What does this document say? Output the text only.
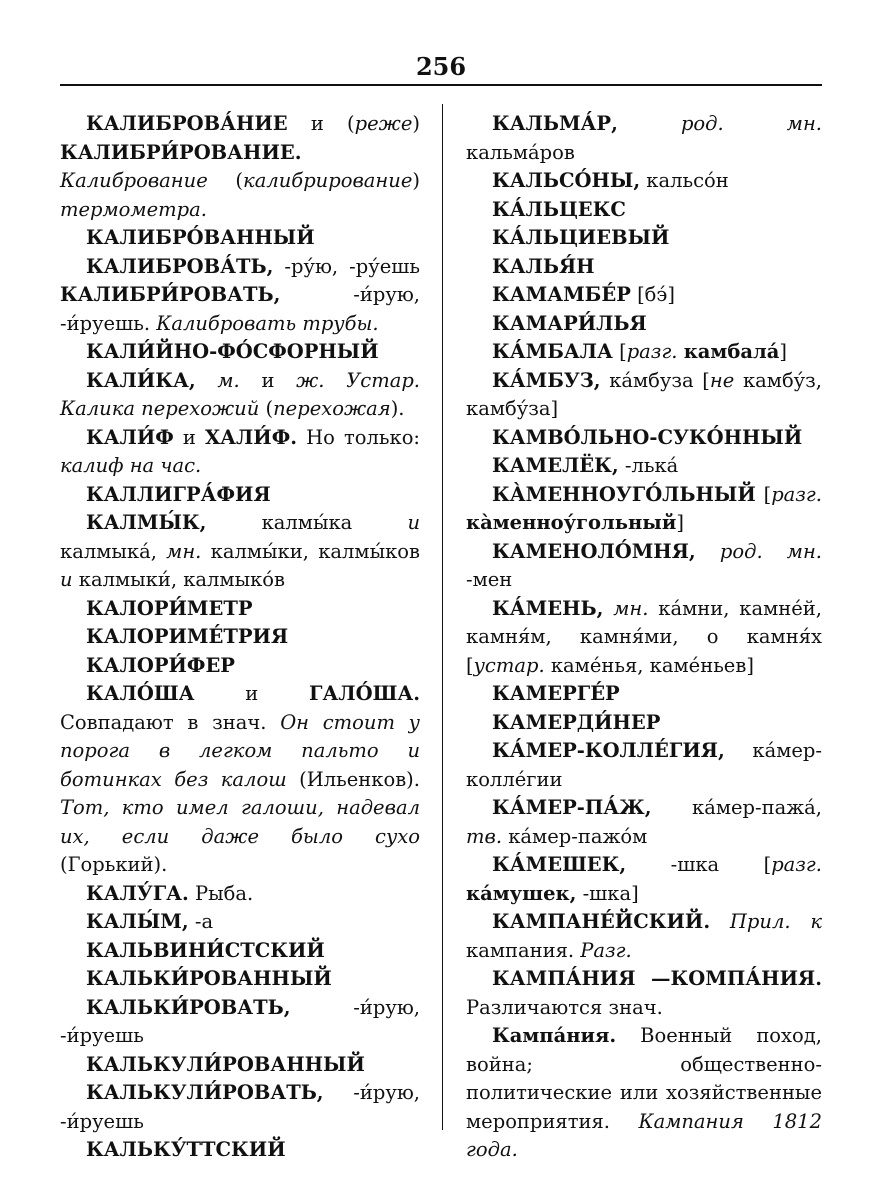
256
КАЛИБРОВА́НИЕ и (реже) КАЛИБРИ́РОВАНИЕ. Калибрование (калибрирование) термометра.
КАЛИБРО́ВАННЫЙ
КАЛИБРОВА́ТЬ, -ру́ю, -ру́ешь КАЛИБРИ́РОВАТЬ, -и́рую, -и́руешь. Калибровать трубы.
КАЛИ́ЙНО-ФО́СФОРНЫЙ
КАЛИ́КА, м. и ж. Устар. Калика перехожий (перехожая).
КАЛИ́Ф и ХАЛИ́Ф. Но только: калиф на час.
КАЛЛИГРА́ФИЯ
КАЛМЫ́К, калмы́ка и калмыка́, мн. калмы́ки, калмы́ков и калмыки́, калмыко́в
КАЛОРИ́МЕТР
КАЛОРИМЕ́ТРИЯ
КАЛОРИ́ФЕР
КАЛО́ША и ГАЛО́ША. Совпадают в знач. Он стоит у порога в легком пальто и ботинках без калош (Ильенков). Тот, кто имел галоши, надевал их, если даже было сухо (Горький).
КАЛУ́ГА. Рыба.
КАЛЫ́М, -а
КАЛЬВИНИ́СТСКИЙ
КАЛЬКИ́РОВАННЫЙ
КАЛЬКИ́РОВАТЬ, -и́рую, -и́руешь
КАЛЬКУЛИ́РОВАННЫЙ
КАЛЬКУЛИ́РОВАТЬ, -и́рую, -и́руешь
КАЛЬКУ́ТТСКИЙ
КАЛЬМА́Р,	род. мн. кальма́ров
КАЛЬСО́НЫ, кальсо́н
КА́ЛЬЦЕКС
КА́ЛЬЦИЕВЫЙ
КАЛЬЯ́Н
КАМАМБЕ́Р [бэ́]
КАМАРИ́ЛЬЯ
КА́МБАЛА [разг. камбала́]
КА́МБУЗ, ка́мбуза [не камбу́з, камбу́за]
КАМВО́ЛЬНО-СУКО́ННЫЙ
КАМЕЛЁК, -лька́
КА̀МЕННОУГО́ЛЬНЫЙ [разг. ка̀менноу́гольный]
КАМЕНОЛО́МНЯ, род. мн. -мен
КА́МЕНЬ, мн. ка́мни, камне́й, камня́м, камня́ми, о камня́х [устар. каме́нья, каме́ньев]
КАМЕРГЕ́Р
КАМЕРДИ́НЕР
КА́МЕР-КОЛЛЕ́ГИЯ, ка́мер-колле́гии
КА́МЕР-ПА́Ж, ка́мер-пажа́, тв. ка́мер-пажо́м
КА́МЕШЕК, -шка [разг. ка́мушек, -шка]
КАМПАНЕ́ЙСКИЙ. Прил. к кампания. Разг.
КАМПА́НИЯ —КОМПА́НИЯ. Различаются знач.
Кампа́ния. Военный поход, война; общественно-политические или хозяйственные мероприятия. Кампания 1812 года.
